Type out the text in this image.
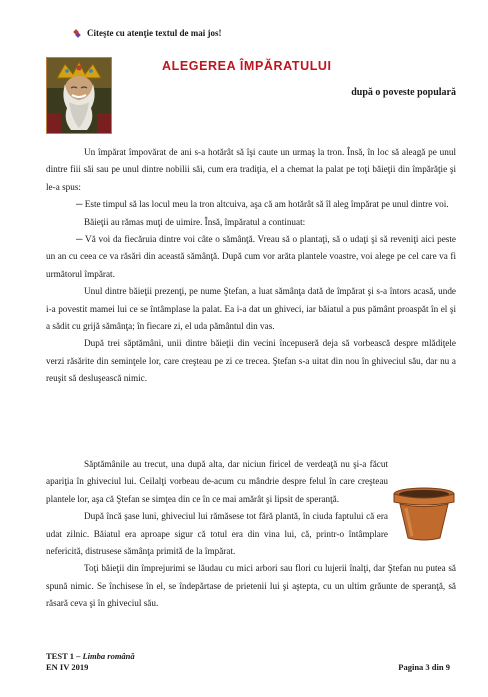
Citeşte cu atenţie textul de mai jos!
ALEGEREA ÎMPĂRATULUI
după o poveste populară

Un împărat împovărat de ani s-a hotărât să îşi caute un urmaş la tron. Însă, în loc să aleagă pe unul dintre fiii săi sau pe unul dintre nobilii săi, cum era tradiţia, el a chemat la palat pe toţi băieţii din împărăţie şi le-a spus:

─ Este timpul să las locul meu la tron altcuiva, aşa că am hotărât să îl aleg împărat pe unul dintre voi.

Băieţii au rămas muţi de uimire. Însă, împăratul a continuat:

─ Vă voi da fiecăruia dintre voi câte o sămânţă. Vreau să o plantaţi, să o udaţi şi să reveniţi aici peste un an cu ceea ce va răsări din această sămânţă. După cum vor arăta plantele voastre, voi alege pe cel care va fi următorul împărat.

Unul dintre băieţii prezenţi, pe nume Ştefan, a luat sămânţa dată de împărat şi s-a întors acasă, unde i-a povestit mamei lui ce se întâmplase la palat. Ea i-a dat un ghiveci, iar băiatul a pus pământ proaspăt în el şi a sădit cu grijă sămânţa; în fiecare zi, el uda pământul din vas.

După trei săptămâni, unii dintre băieţii din vecini începuseră deja să vorbească despre mlădiţele verzi răsărite din seminţele lor, care creşteau pe zi ce trecea. Ştefan s-a uitat din nou în ghiveciul său, dar nu a reuşit să desluşească nimic.

Săptămânile au trecut, una după alta, dar niciun firicel de verdeaţă nu şi-a făcut apariţia în ghiveciul lui. Ceilalţi vorbeau de-acum cu mândrie despre felul în care creşteau plantele lor, aşa că Ştefan se simţea din ce în ce mai amărât şi lipsit de speranţă.

După încă şase luni, ghiveciul lui rămăsese tot fără plantă, în ciuda faptului că era udat zilnic. Băiatul era aproape sigur că totul era din vina lui, că, printr-o întâmplare nefericită, distrusese sămânţa primită de la împărat.

Toţi băieţii din împrejurimi se lăudau cu mici arbori sau flori cu lujerii înalţi, dar Ştefan nu putea să spună nimic. Se închisese în el, se îndepărtase de prietenii lui şi aştepta, cu un ultim grăunte de speranţă, să răsară ceva şi în ghiveciul său.

TEST 1 – Limba română
EN IV 2019	Pagina 3 din 9
